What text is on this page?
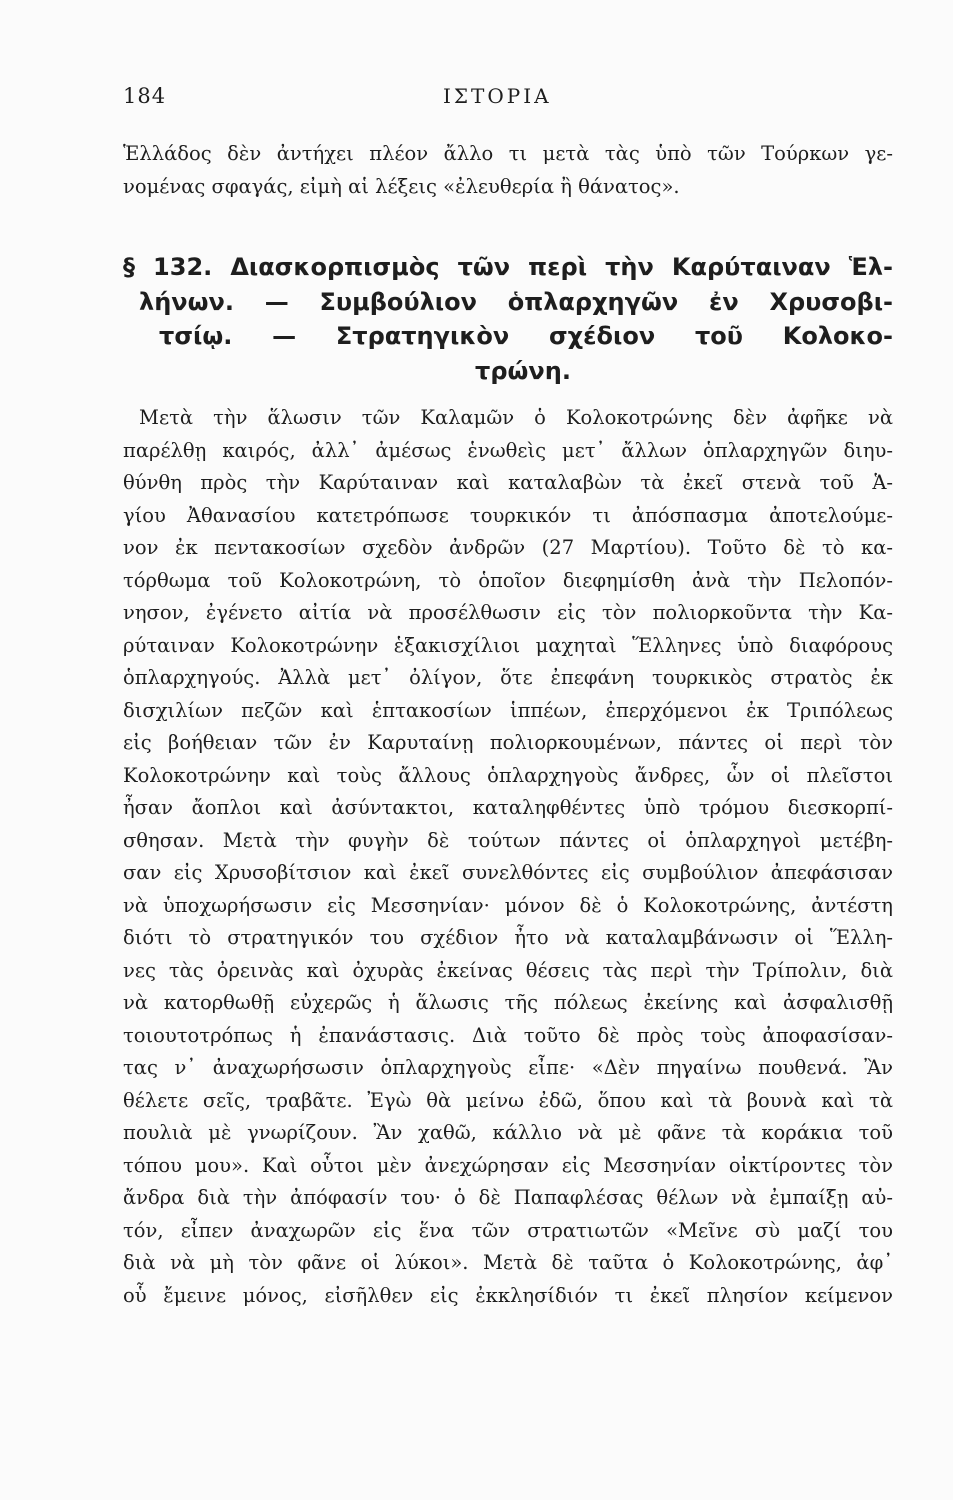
184	ΙΣΤΟΡΙΑ
Ἑλλάδος δὲν ἀντήχει πλέον ἄλλο τι μετὰ τὰς ὑπὸ τῶν Τούρκων γε-
νομένας σφαγάς, εἰμὴ αἱ λέξεις «ἐλευθερία ἢ θάνατος».
§ 132. Διασκορπισμὸς τῶν περὶ τὴν Καρύταιναν Ἑλ-
λήνων. — Συμβούλιον ὁπλαρχηγῶν ἐν Χρυσοβι-
τσίῳ. — Στρατηγικὸν σχέδιον τοῦ Κολοκο-
τρώνη.
Μετὰ τὴν ἅλωσιν τῶν Καλαμῶν ὁ Κολοκοτρώνης δὲν ἀφῆκε νὰ
παρέλθῃ καιρός, ἀλλ᾽ ἀμέσως ἑνωθεὶς μετ᾽ ἄλλων ὁπλαρχηγῶν διηυ-
θύνθη πρὸς τὴν Καρύταιναν καὶ καταλαβὼν τὰ ἐκεῖ στενὰ τοῦ Ἁ-
γίου Ἀθανασίου κατετρόπωσε τουρκικόν τι ἀπόσπασμα ἀποτελούμε-
νον ἐκ πεντακοσίων σχεδὸν ἀνδρῶν (27 Μαρτίου). Τοῦτο δὲ τὸ κα-
τόρθωμα τοῦ Κολοκοτρώνη, τὸ ὁποῖον διεφημίσθη ἀνὰ τὴν Πελοπόν-
νησον, ἐγένετο αἰτία νὰ προσέλθωσιν εἰς τὸν πολιορκοῦντα τὴν Κα-
ρύταιναν Κολοκοτρώνην ἑξακισχίλιοι μαχηταὶ Ἕλληνες ὑπὸ διαφόρους
ὁπλαρχηγούς. Ἀλλὰ μετ᾽ ὀλίγον, ὅτε ἐπεφάνη τουρκικὸς στρατὸς ἐκ
δισχιλίων πεζῶν καὶ ἑπτακοσίων ἱππέων, ἐπερχόμενοι ἐκ Τριπόλεως
εἰς βοήθειαν τῶν ἐν Καρυταίνῃ πολιορκουμένων, πάντες οἱ περὶ τὸν
Κολοκοτρώνην καὶ τοὺς ἄλλους ὁπλαρχηγοὺς ἄνδρες, ὧν οἱ πλεῖστοι
ἦσαν ἄοπλοι καὶ ἀσύντακτοι, καταληφθέντες ὑπὸ τρόμου διεσκορπί-
σθησαν. Μετὰ τὴν φυγὴν δὲ τούτων πάντες οἱ ὁπλαρχηγοὶ μετέβη-
σαν εἰς Χρυσοβίτσιον καὶ ἐκεῖ συνελθόντες εἰς συμβούλιον ἀπεφάσισαν
νὰ ὑποχωρήσωσιν εἰς Μεσσηνίαν· μόνον δὲ ὁ Κολοκοτρώνης, ἀντέστη
διότι τὸ στρατηγικόν του σχέδιον ἦτο νὰ καταλαμβάνωσιν οἱ Ἕλλη-
νες τὰς ὀρεινὰς καὶ ὀχυρὰς ἐκείνας θέσεις τὰς περὶ τὴν Τρίπολιν, διὰ
νὰ κατορθωθῇ εὐχερῶς ἡ ἅλωσις τῆς πόλεως ἐκείνης καὶ ἀσφαλισθῇ
τοιουτοτρόπως ἡ ἐπανάστασις. Διὰ τοῦτο δὲ πρὸς τοὺς ἀποφασίσαν-
τας ν᾽ ἀναχωρήσωσιν ὁπλαρχηγοὺς εἶπε· «Δὲν πηγαίνω πουθενά. Ἂν
θέλετε σεῖς, τραβᾶτε. Ἐγὼ θὰ μείνω ἐδῶ, ὅπου καὶ τὰ βουνὰ καὶ τὰ
πουλιὰ μὲ γνωρίζουν. Ἂν χαθῶ, κάλλιο νὰ μὲ φᾶνε τὰ κοράκια τοῦ
τόπου μου». Καὶ οὗτοι μὲν ἀνεχώρησαν εἰς Μεσσηνίαν οἰκτίροντες τὸν
ἄνδρα διὰ τὴν ἀπόφασίν του· ὁ δὲ Παπαφλέσας θέλων νὰ ἐμπαίξῃ αὐ-
τόν, εἶπεν ἀναχωρῶν εἰς ἕνα τῶν στρατιωτῶν «Μεῖνε σὺ μαζί του
διὰ νὰ μὴ τὸν φᾶνε οἱ λύκοι». Μετὰ δὲ ταῦτα ὁ Κολοκοτρώνης, ἀφ᾽
οὗ ἔμεινε μόνος, εἰσῆλθεν εἰς ἐκκλησίδιόν τι ἐκεῖ πλησίον κείμενον
